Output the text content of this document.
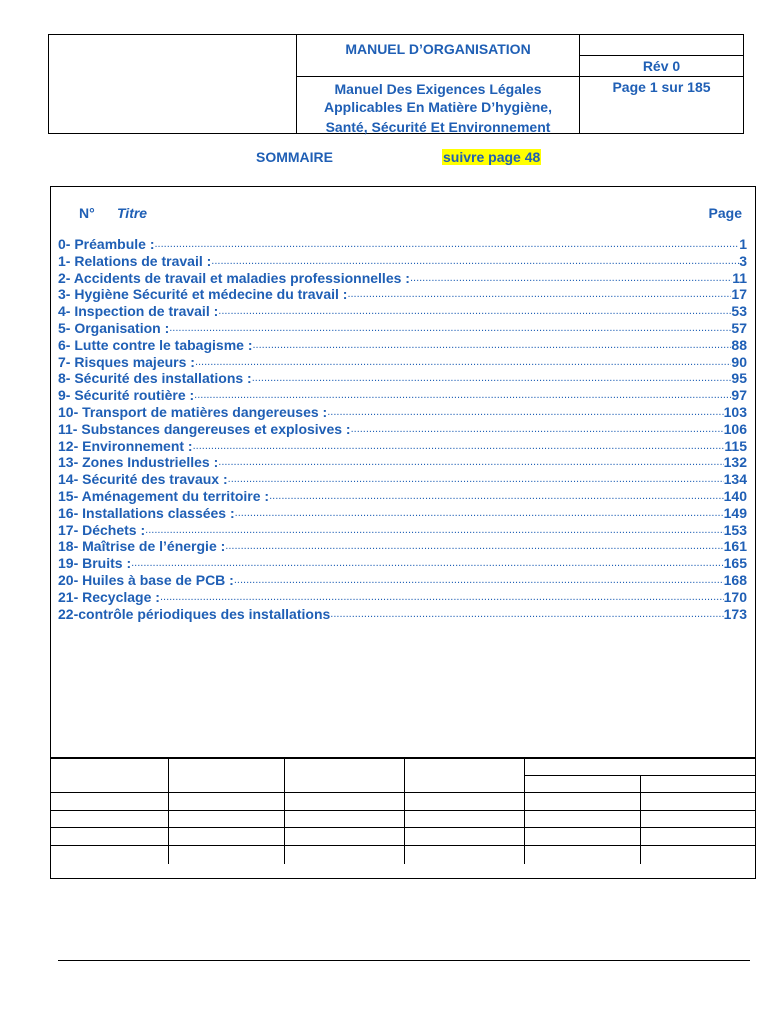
MANUEL D’ORGANISATION
Manuel Des Exigences Légales
Applicables En Matière D’hygiène,
Santé, Sécurité Et Environnement
Rév 0
Page 1 sur 185
SOMMAIRE	suivre page 48
N° Titre	Page
0- Préambule : .....	1
1- Relations de travail : .....	3
2- Accidents de travail et maladies professionnelles : .....	11
3- Hygiène Sécurité et médecine du travail : .....	17
4- Inspection de travail : .....	53
5- Organisation : .....	57
6- Lutte contre le tabagisme : .....	88
7- Risques majeurs : .....	90
8- Sécurité des installations : .....	95
9- Sécurité routière : .....	97
10- Transport de matières dangereuses : .....	103
11- Substances dangereuses et explosives : .....	106
12- Environnement : .....	115
13- Zones Industrielles : .....	132
14- Sécurité des travaux : .....	134
15- Aménagement du territoire : .....	140
16- Installations classées : .....	149
17- Déchets : .....	153
18- Maîtrise de l’énergie : .....	161
19- Bruits : .....	165
20- Huiles à base de PCB : .....	168
21- Recyclage : .....	170
22-contrôle périodiques des installations .....	173
